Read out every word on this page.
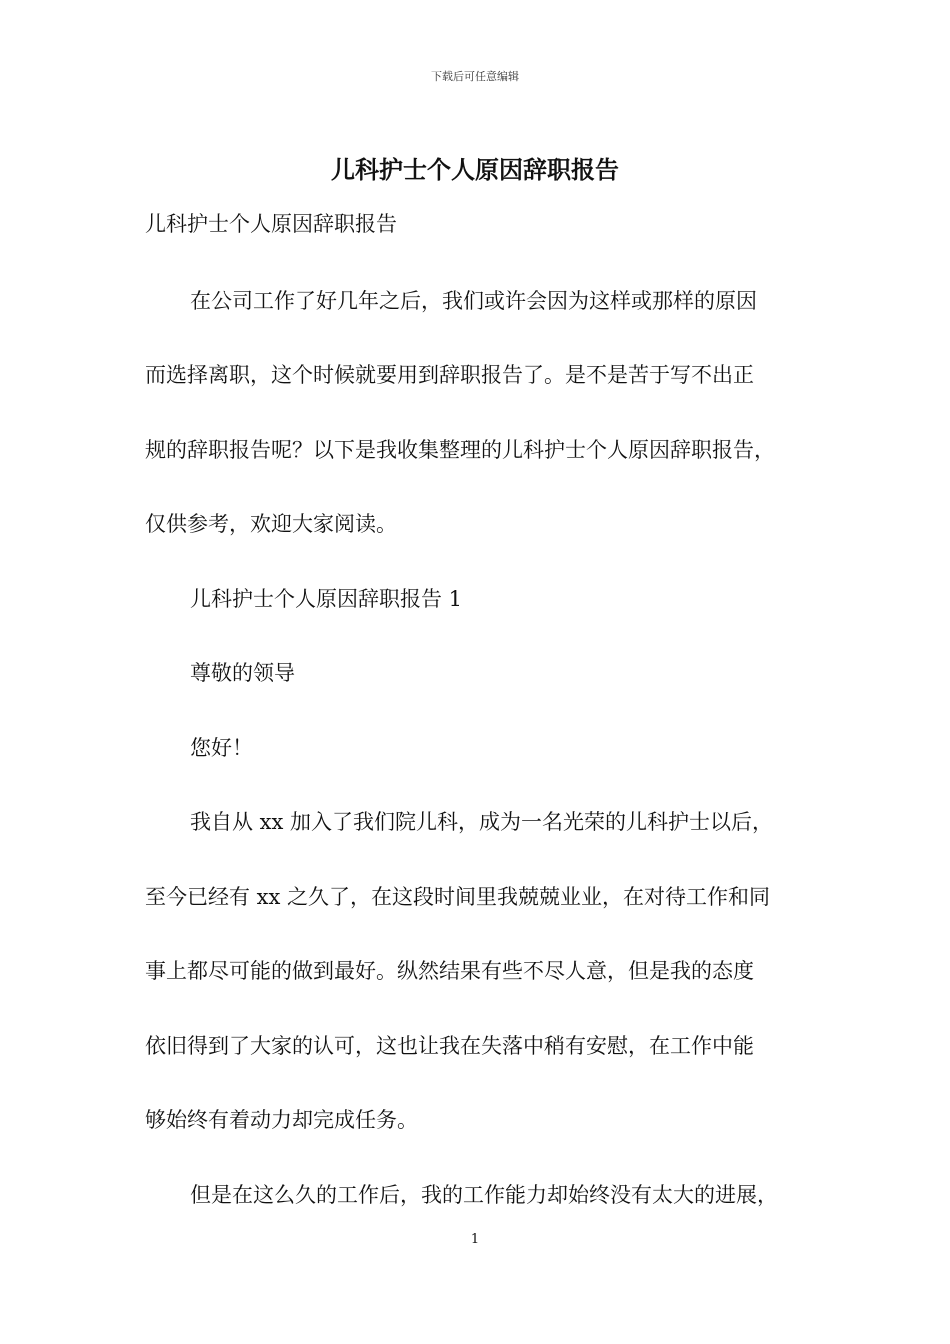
下载后可任意编辑
儿科护士个人原因辞职报告

儿科护士个人原因辞职报告

在公司工作了好几年之后，我们或许会因为这样或那样的原因
而选择离职，这个时候就要用到辞职报告了。是不是苦于写不出正
规的辞职报告呢？以下是我收集整理的儿科护士个人原因辞职报告，
仅供参考，欢迎大家阅读。
儿科护士个人原因辞职报告 1
尊敬的领导
您好！
我自从 xx 加入了我们院儿科，成为一名光荣的儿科护士以后，
至今已经有 xx 之久了，在这段时间里我兢兢业业，在对待工作和同
事上都尽可能的做到最好。纵然结果有些不尽人意，但是我的态度
依旧得到了大家的认可，这也让我在失落中稍有安慰，在工作中能
够始终有着动力却完成任务。
但是在这么久的工作后，我的工作能力却始终没有太大的进展，
1
